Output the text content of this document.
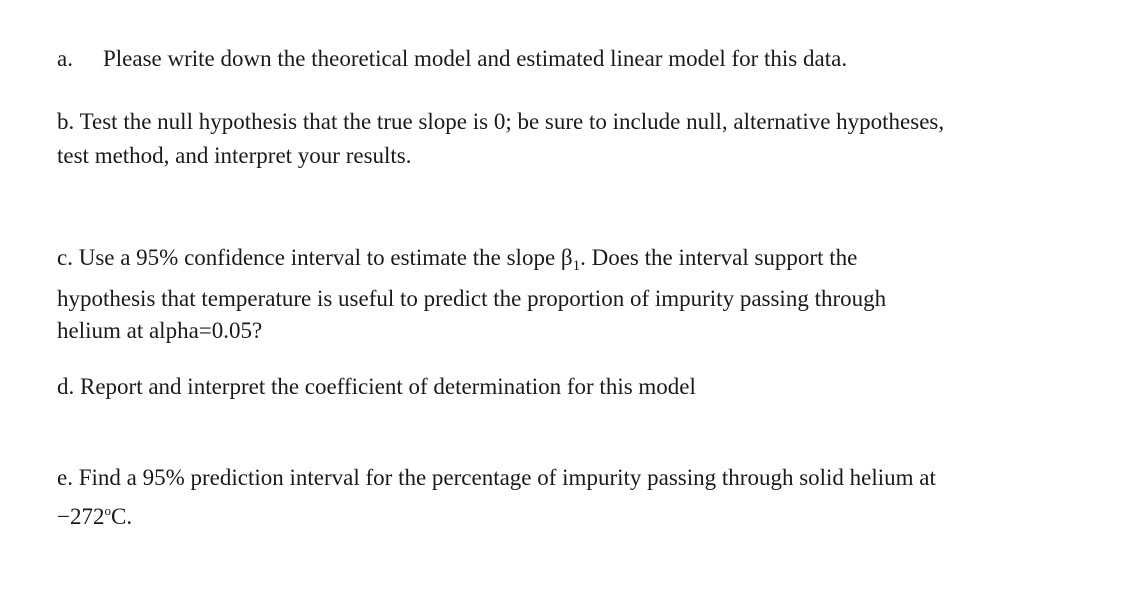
a. Please write down the theoretical model and estimated linear model for this data.
b. Test the null hypothesis that the true slope is 0; be sure to include null, alternative hypotheses,
test method, and interpret your results.
c. Use a 95% confidence interval to estimate the slope $\beta_1$. Does the interval support the
hypothesis that temperature is useful to predict the proportion of impurity passing through
helium at alpha=0.05?
d. Report and interpret the coefficient of determination for this model
e. Find a 95% prediction interval for the percentage of impurity passing through solid helium at
$-272^oC$.
